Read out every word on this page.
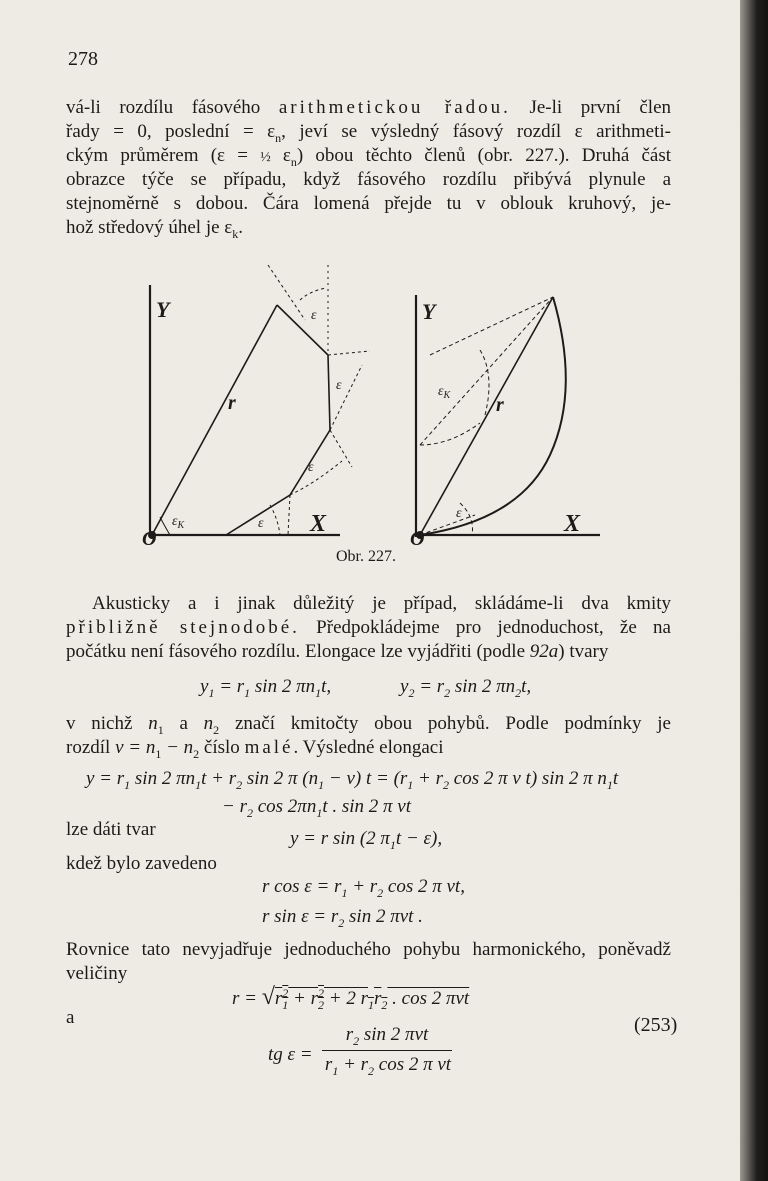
278
vá-li rozdílu fásového arithmetickou řadou. Je-li první člen
řady = 0, poslední = $\varepsilon_n$, jeví se výsledný fásový rozdíl ε arithmeti-
ckým průměrem (ε = ½ $\varepsilon_n$) obou těchto členů (obr. 227.). Druhá část
obrazce týče se případu, když fásového rozdílu přibývá plynule a
stejnoměrně s dobou. Čára lomená přejde tu v oblouk kruhový, je-
hož středový úhel je $\varepsilon_k$.
Y
X
O
r
ε
ε
ε
ε
$\varepsilon_K$
Y
X
O
r
ε
$\varepsilon_K$
Obr. 227.
Akusticky a i jinak důležitý je případ, skládáme-li dva kmity
přibližně stejnodobé. Předpokládejme pro jednoduchost, že na
počátku není fásového rozdílu. Elongace lze vyjádřiti (podle 92a) tvary
$y_1 = r_1$ sin 2 $\pi n_1t$,	$y_2 = r_2$ sin 2 $\pi n_2t$,
v nichž $n_1$ a $n_2$ značí kmitočty obou pohybů. Podle podmínky je
rozdíl $\nu = n_1 - n_2$ číslo malé. Výsledné elongaci
$y = r_1$ sin 2 $\pi n_1t + r_2$ sin 2 π $(n_1 - \nu) t = (r_1 + r_2$ cos 2 π ν t) sin 2 π $n_1t$
− $r_2$ $\cos 2\pi n_1t$ . sin 2 π νt
lze dáti tvar	y = r sin (2 $\pi_1t - \varepsilon$),
kdež bylo zavedeno
r $\cos \varepsilon = r_1 + r_2$ cos 2 π νt,
r $\sin \varepsilon = r_2$ sin 2 πνt .
Rovnice tato nevyjadřuje jednoduchého pohybu harmonického, poněvadž
veličiny
$r = √r_1^2 + r_2^2 + 2$ $r_1r_2$ . cos 2 πνt
a
tg ε =
$r_2$ sin 2 πνt
$r_1 + r_2$ cos 2 π νt
(253)
